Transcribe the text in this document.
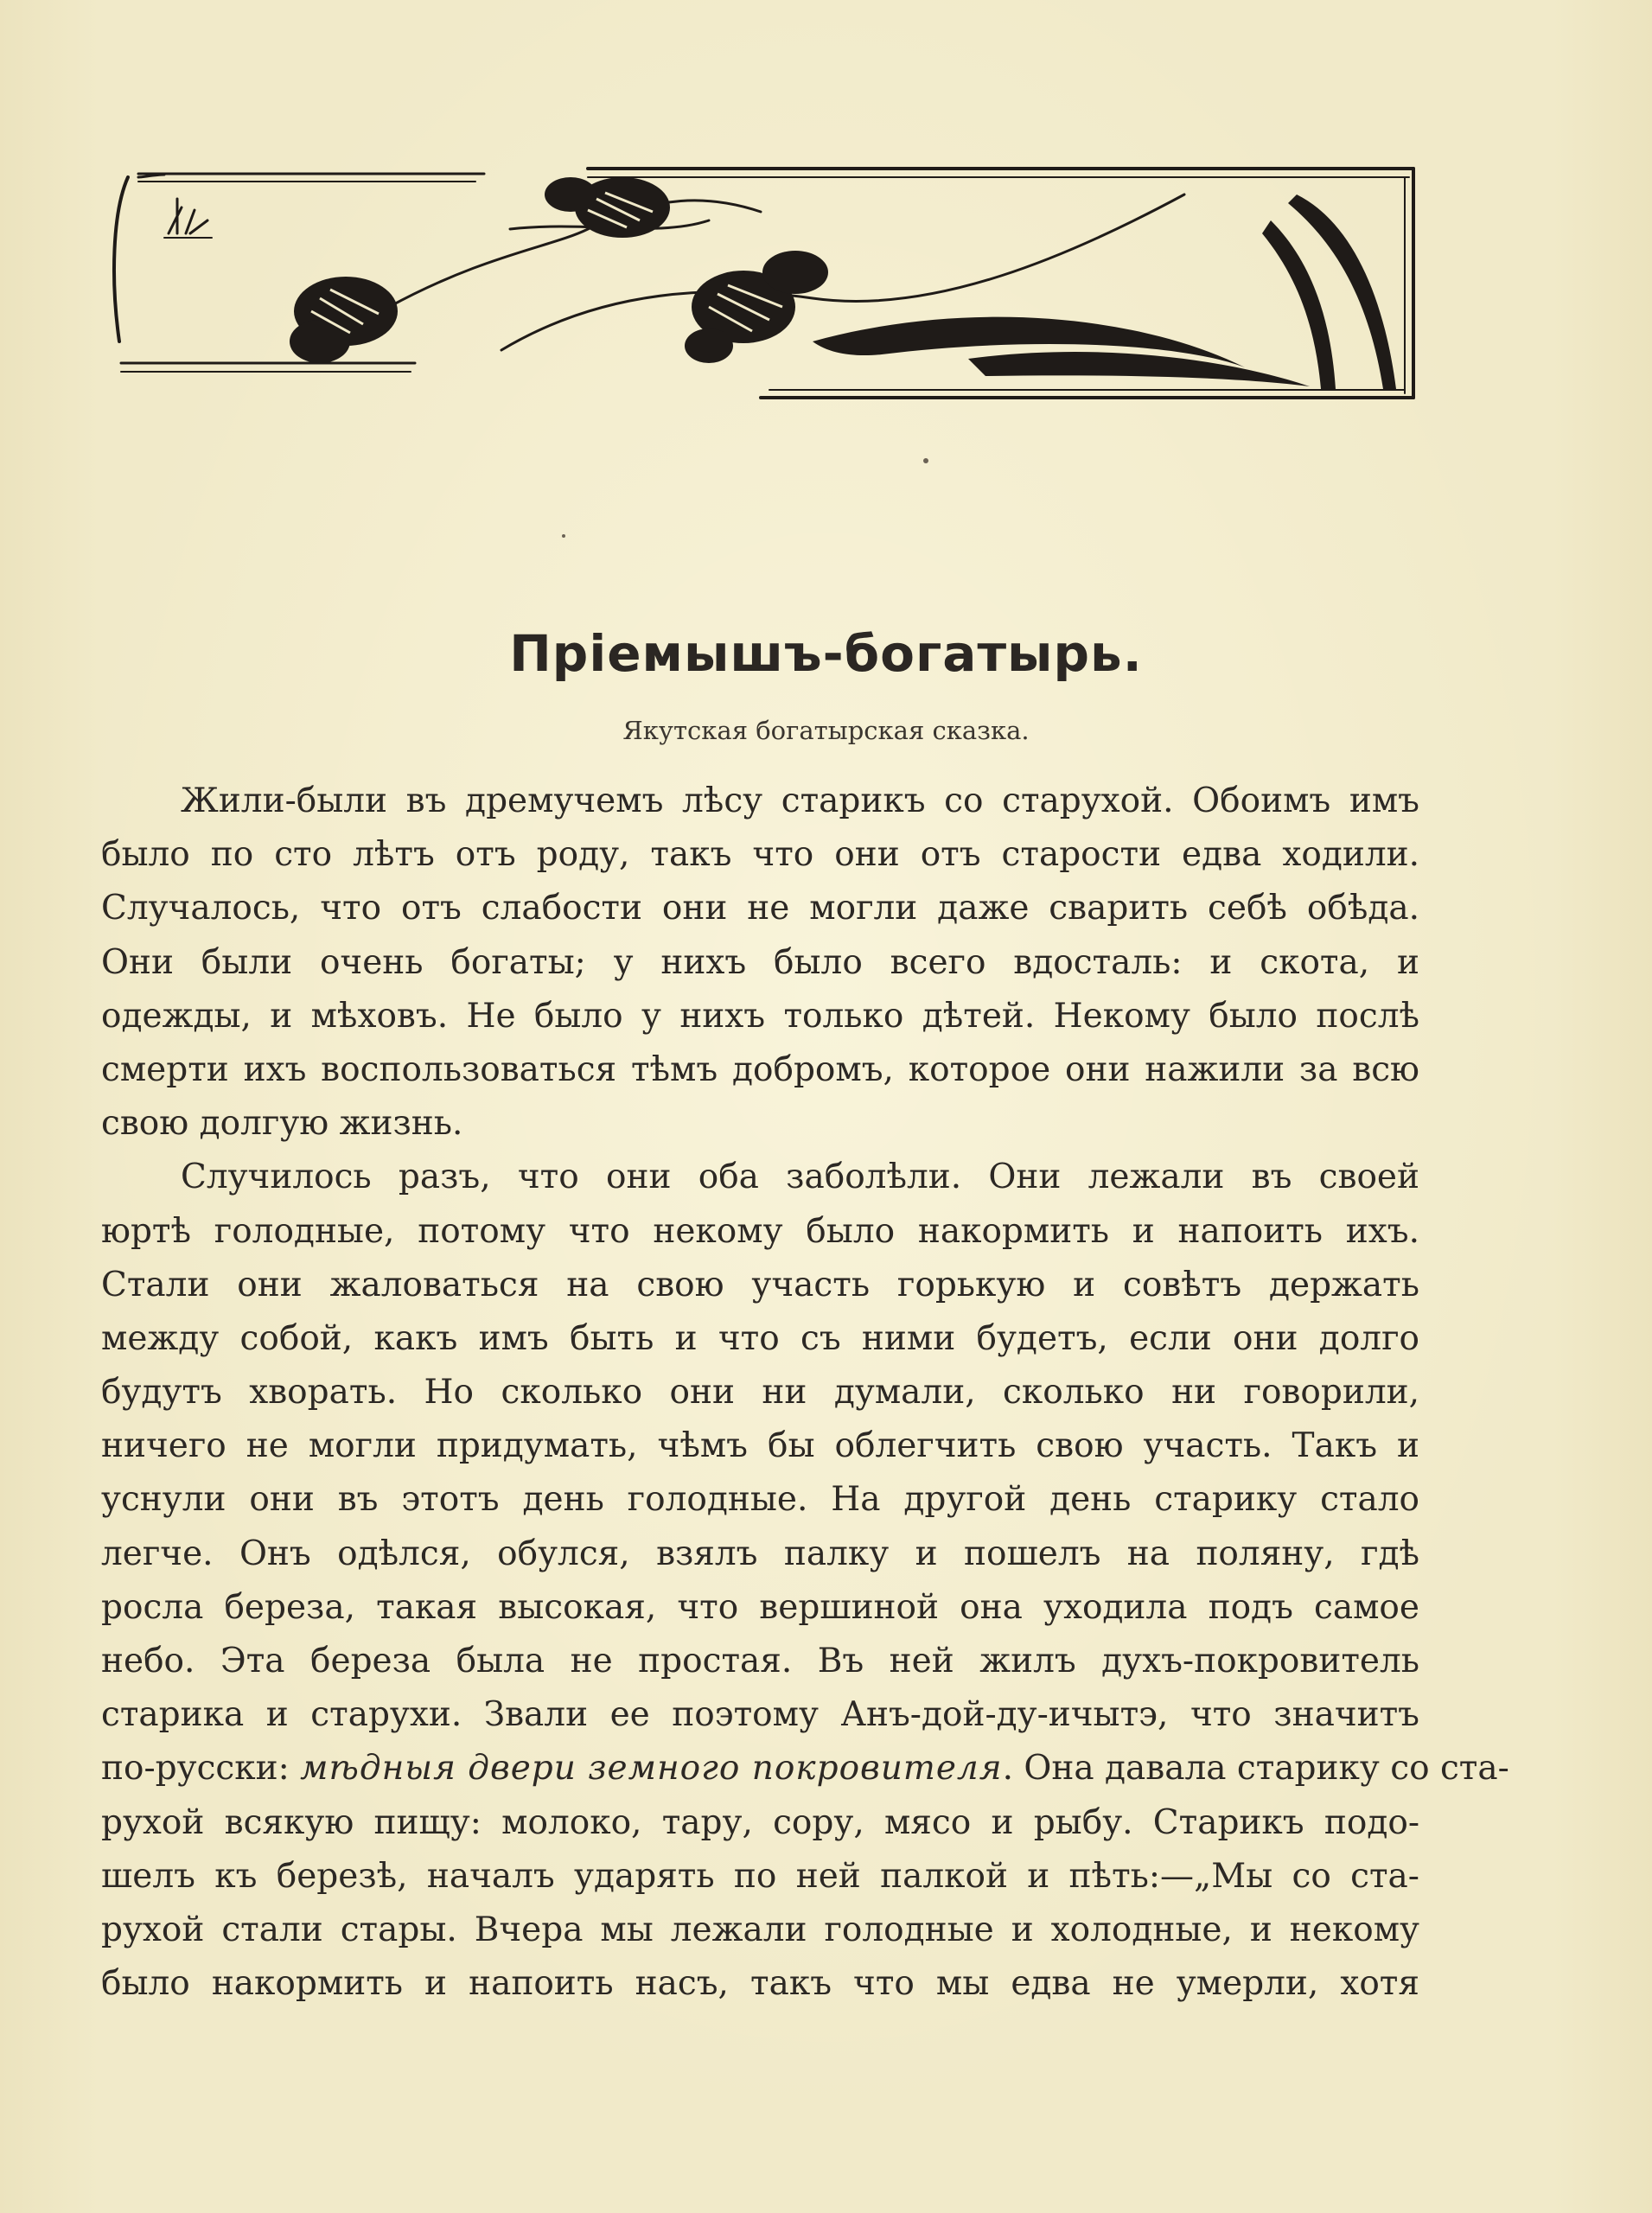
Пріемышъ-богатырь.
Якутская богатырская сказка.
Жили-были въ дремучемъ лѣсу старикъ со старухой. Обоимъ имъ
было по сто лѣтъ отъ роду, такъ что они отъ старости едва ходили.
Случалось, что отъ слабости они не могли даже сварить себѣ обѣда.
Они были очень богаты; у нихъ было всего вдосталь: и скота, и
одежды, и мѣховъ. Не было у нихъ только дѣтей. Некому было послѣ
смерти ихъ воспользоваться тѣмъ добромъ, которое они нажили за всю
свою долгую жизнь.
Случилось разъ, что они оба заболѣли. Они лежали въ своей
юртѣ голодные, потому что некому было накормить и напоить ихъ.
Стали они жаловаться на свою участь горькую и совѣтъ держать
между собой, какъ имъ быть и что съ ними будетъ, если они долго
будутъ хворать. Но сколько они ни думали, сколько ни говорили,
ничего не могли придумать, чѣмъ бы облегчить свою участь. Такъ и
уснули они въ этотъ день голодные. На другой день старику стало
легче. Онъ одѣлся, обулся, взялъ палку и пошелъ на поляну, гдѣ
росла береза, такая высокая, что вершиной она уходила подъ самое
небо. Эта береза была не простая. Въ ней жилъ духъ-покровитель
старика и старухи. Звали ее поэтому Анъ-дой-ду-ичытэ, что значитъ
по-русски: мѣдныя двери земного покровителя. Она давала старику со ста-
рухой всякую пищу: молоко, тару, сору, мясо и рыбу. Старикъ подо-
шелъ къ березѣ, началъ ударять по ней палкой и пѣть:—„Мы со ста-
рухой стали стары. Вчера мы лежали голодные и холодные, и некому
было накормить и напоить насъ, такъ что мы едва не умерли, хотя
